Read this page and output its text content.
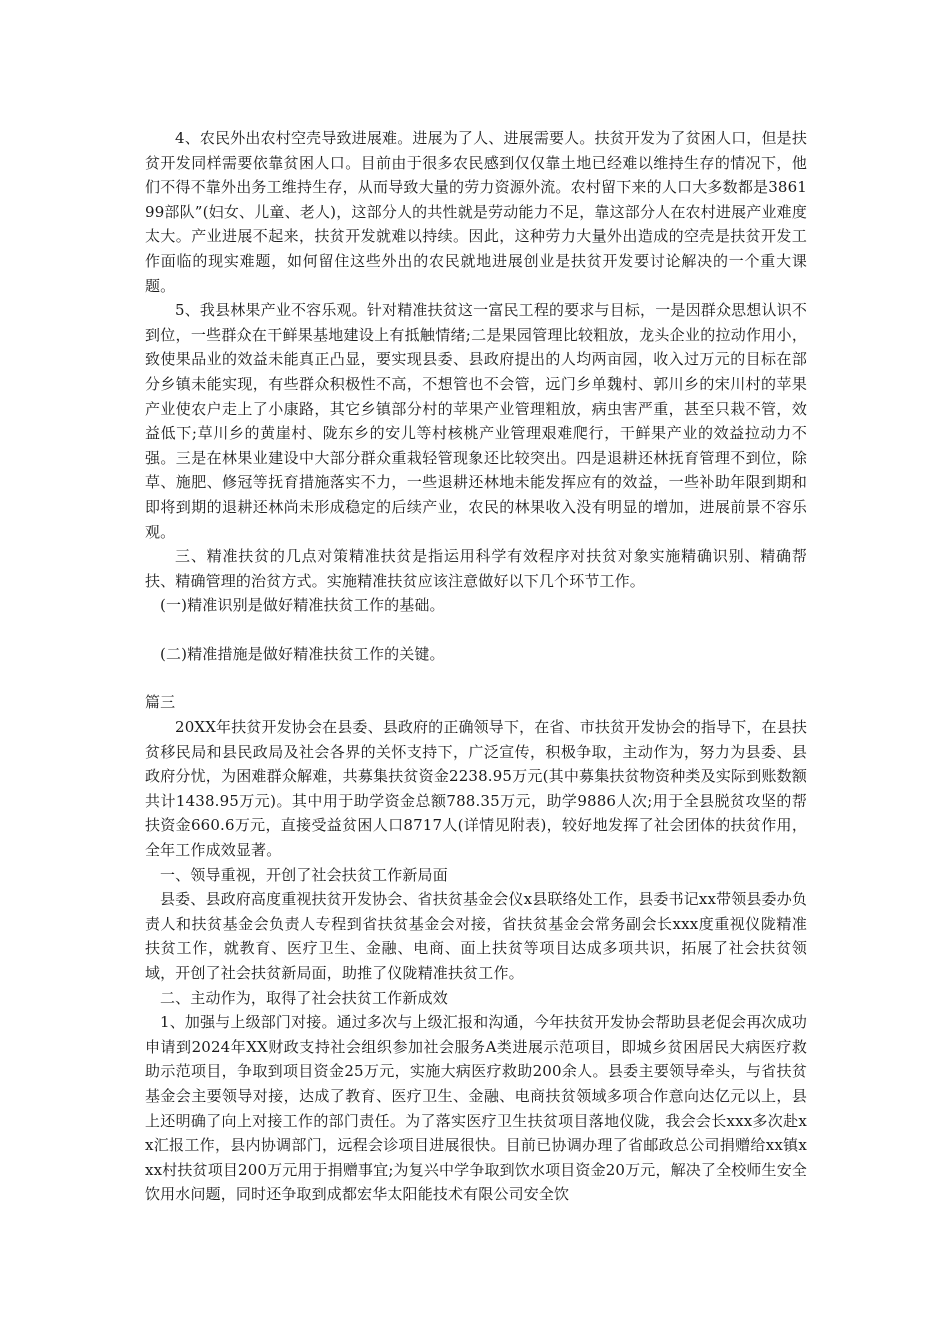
4、农民外出农村空壳导致进展难。进展为了人、进展需要人。扶贫开发为了贫困人口，但是扶贫开发同样需要依靠贫困人口。目前由于很多农民感到仅仅靠土地已经难以维持生存的情况下，他们不得不靠外出务工维持生存，从而导致大量的劳力资源外流。农村留下来的人口大多数都是386199部队”(妇女、儿童、老人)，这部分人的共性就是劳动能力不足，靠这部分人在农村进展产业难度太大。产业进展不起来，扶贫开发就难以持续。因此，这种劳力大量外出造成的空壳是扶贫开发工作面临的现实难题，如何留住这些外出的农民就地进展创业是扶贫开发要讨论解决的一个重大课题。

5、我县林果产业不容乐观。针对精准扶贫这一富民工程的要求与目标，一是因群众思想认识不到位，一些群众在干鲜果基地建设上有抵触情绪;二是果园管理比较粗放，龙头企业的拉动作用小，致使果品业的效益未能真正凸显，要实现县委、县政府提出的人均两亩园，收入过万元的目标在部分乡镇未能实现，有些群众积极性不高，不想管也不会管，远门乡单魏村、郭川乡的宋川村的苹果产业使农户走上了小康路，其它乡镇部分村的苹果产业管理粗放，病虫害严重，甚至只栽不管，效益低下;草川乡的黄崖村、陇东乡的安儿等村核桃产业管理艰难爬行，干鲜果产业的效益拉动力不强。三是在林果业建设中大部分群众重栽轻管现象还比较突出。四是退耕还林抚育管理不到位，除草、施肥、修冠等抚育措施落实不力，一些退耕还林地未能发挥应有的效益，一些补助年限到期和即将到期的退耕还林尚未形成稳定的后续产业，农民的林果收入没有明显的增加，进展前景不容乐观。

三、精准扶贫的几点对策精准扶贫是指运用科学有效程序对扶贫对象实施精确识别、精确帮扶、精确管理的治贫方式。实施精准扶贫应该注意做好以下几个环节工作。

(一)精准识别是做好精准扶贫工作的基础。

(二)精准措施是做好精准扶贫工作的关键。

篇三

20XX年扶贫开发协会在县委、县政府的正确领导下，在省、市扶贫开发协会的指导下，在县扶贫移民局和县民政局及社会各界的关怀支持下，广泛宣传，积极争取，主动作为，努力为县委、县政府分忧，为困难群众解难，共募集扶贫资金2238.95万元(其中募集扶贫物资种类及实际到账数额共计1438.95万元)。其中用于助学资金总额788.35万元，助学9886人次;用于全县脱贫攻坚的帮扶资金660.6万元，直接受益贫困人口8717人(详情见附表)，较好地发挥了社会团体的扶贫作用，全年工作成效显著。

一、领导重视，开创了社会扶贫工作新局面

县委、县政府高度重视扶贫开发协会、省扶贫基金会仪x县联络处工作，县委书记xx带领县委办负责人和扶贫基金会负责人专程到省扶贫基金会对接，省扶贫基金会常务副会长xxx度重视仪陇精准扶贫工作，就教育、医疗卫生、金融、电商、面上扶贫等项目达成多项共识，拓展了社会扶贫领域，开创了社会扶贫新局面，助推了仪陇精准扶贫工作。

二、主动作为，取得了社会扶贫工作新成效

1、加强与上级部门对接。通过多次与上级汇报和沟通，今年扶贫开发协会帮助县老促会再次成功申请到2024年XX财政支持社会组织参加社会服务A类进展示范项目，即城乡贫困居民大病医疗救助示范项目，争取到项目资金25万元，实施大病医疗救助200余人。县委主要领导牵头，与省扶贫基金会主要领导对接，达成了教育、医疗卫生、金融、电商扶贫领域多项合作意向达亿元以上，县上还明确了向上对接工作的部门责任。为了落实医疗卫生扶贫项目落地仪陇，我会会长xxx多次赴xx汇报工作，县内协调部门，远程会诊项目进展很快。目前已协调办理了省邮政总公司捐赠给xx镇xxx村扶贫项目200万元用于捐赠事宜;为复兴中学争取到饮水项目资金20万元，解决了全校师生安全饮用水问题，同时还争取到成都宏华太阳能技术有限公司安全饮
